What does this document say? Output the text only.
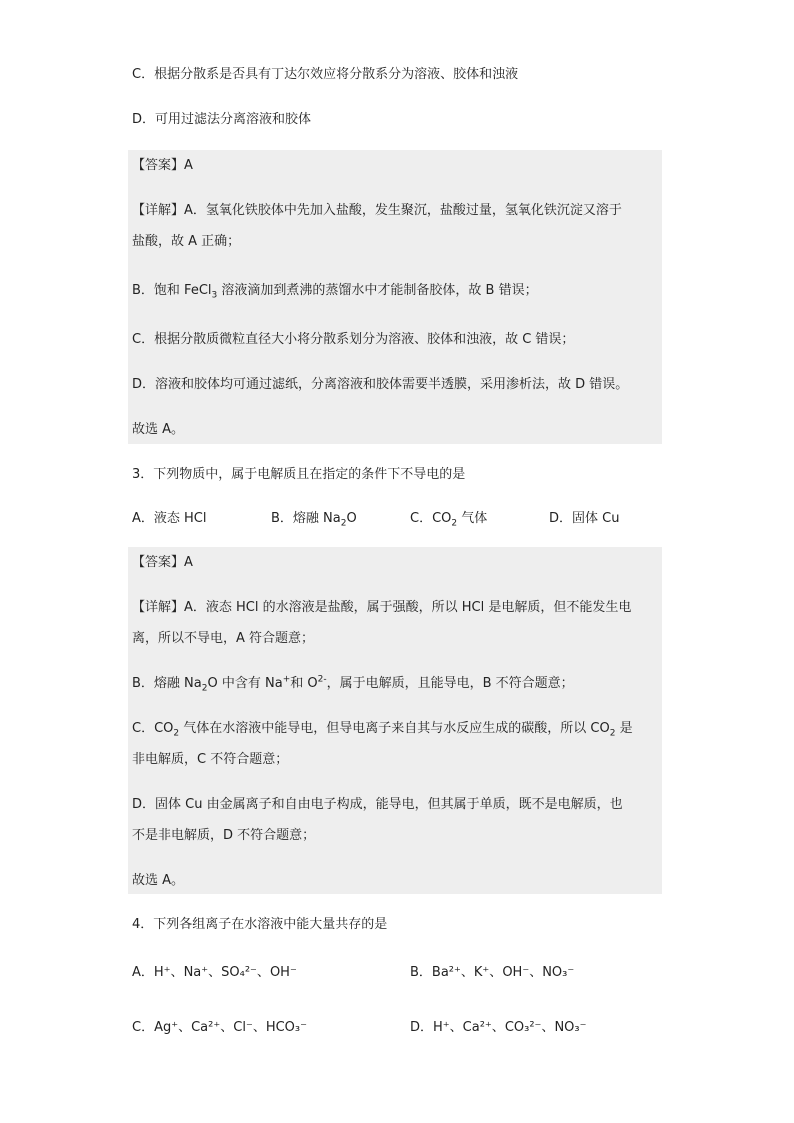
C．根据分散系是否具有丁达尔效应将分散系分为溶液、胶体和浊液
D．可用过滤法分离溶液和胶体
【答案】A
【详解】A．氢氧化铁胶体中先加入盐酸，发生聚沉，盐酸过量，氢氧化铁沉淀又溶于
盐酸，故 A 正确；
B．饱和 FeCl$_3$ 溶液滴加到煮沸的蒸馏水中才能制备胶体，故 B 错误；
C．根据分散质微粒直径大小将分散系划分为溶液、胶体和浊液，故 C 错误；
D．溶液和胶体均可通过滤纸，分离溶液和胶体需要半透膜，采用渗析法，故 D 错误。
故选 A。
3．下列物质中，属于电解质且在指定的条件下不导电的是
A．液态 HCl	B．熔融 $Na_2O$	C．$CO_2$ 气体	D．固体 Cu
【答案】A
【详解】A．液态 HCl 的水溶液是盐酸，属于强酸，所以 HCl 是电解质，但不能发生电
离，所以不导电，A 符合题意；
B．熔融 $Na_2O$ 中含有 Na+和 $O^{2-}$，属于电解质，且能导电，B 不符合题意；
C．$CO_2$ 气体在水溶液中能导电，但导电离子来自其与水反应生成的碳酸，所以 $CO_2$ 是
非电解质，C 不符合题意；
D．固体 Cu 由金属离子和自由电子构成，能导电，但其属于单质，既不是电解质，也
不是非电解质，D 不符合题意；
故选 A。
4．下列各组离子在水溶液中能大量共存的是
A．H⁺、Na⁺、SO₄²⁻、OH⁻	B．Ba²⁺、K⁺、OH⁻、NO₃⁻
C．Ag⁺、Ca²⁺、Cl⁻、HCO₃⁻	D．H⁺、Ca²⁺、CO₃²⁻、NO₃⁻
